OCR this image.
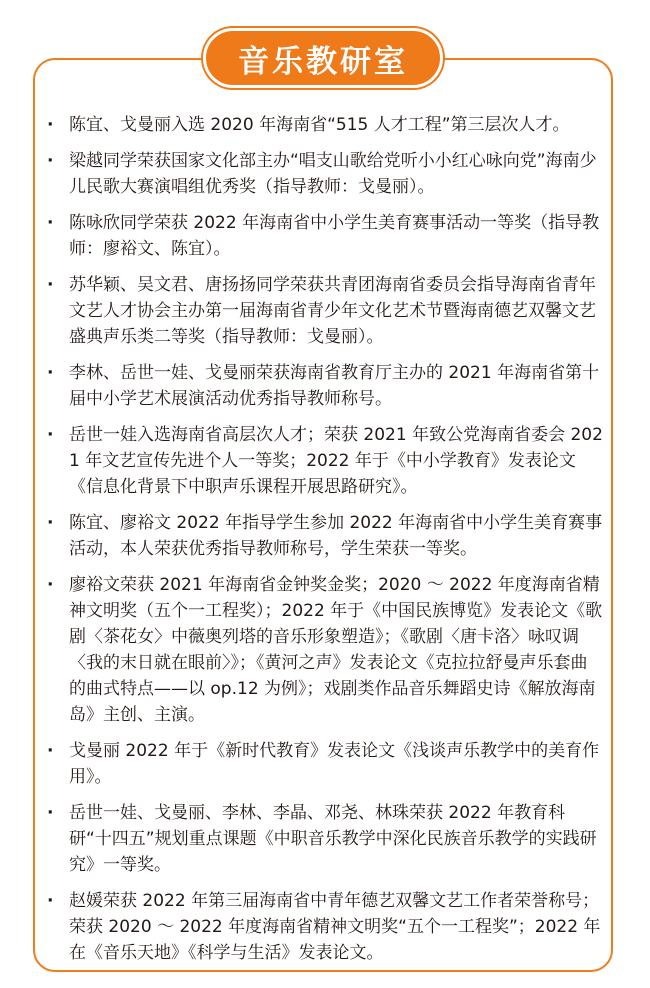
音乐教研室
· 陈宜、戈曼丽入选 2020 年海南省“515 人才工程”第三层次人才。
· 梁越同学荣获国家文化部主办“唱支山歌给党听小小红心咏向党”海南少儿民歌大赛演唱组优秀奖（指导教师：戈曼丽）。
· 陈咏欣同学荣获 2022 年海南省中小学生美育赛事活动一等奖（指导教师：廖裕文、陈宜）。
· 苏华颖、吴文君、唐扬扬同学荣获共青团海南省委员会指导海南省青年文艺人才协会主办第一届海南省青少年文化艺术节暨海南德艺双馨文艺盛典声乐类二等奖（指导教师：戈曼丽）。
· 李林、岳世一娃、戈曼丽荣获海南省教育厅主办的 2021 年海南省第十届中小学艺术展演活动优秀指导教师称号。
· 岳世一娃入选海南省高层次人才；荣获 2021 年致公党海南省委会 2021 年文艺宣传先进个人一等奖；2022 年于《中小学教育》发表论文《信息化背景下中职声乐课程开展思路研究》。
· 陈宜、廖裕文 2022 年指导学生参加 2022 年海南省中小学生美育赛事活动，本人荣获优秀指导教师称号，学生荣获一等奖。
· 廖裕文荣获 2021 年海南省金钟奖金奖；2020 ～ 2022 年度海南省精神文明奖（五个一工程奖）；2022 年于《中国民族博览》发表论文《歌剧〈茶花女〉中薇奥列塔的音乐形象塑造》；《歌剧〈唐卡洛〉咏叹调〈我的末日就在眼前〉》；《黄河之声》发表论文《克拉拉舒曼声乐套曲的曲式特点——以 op.12 为例》；戏剧类作品音乐舞蹈史诗《解放海南岛》主创、主演。
· 戈曼丽 2022 年于《新时代教育》发表论文《浅谈声乐教学中的美育作用》。
· 岳世一娃、戈曼丽、李林、李晶、邓尧、林珠荣获 2022 年教育科研“十四五”规划重点课题《中职音乐教学中深化民族音乐教学的实践研究》一等奖。
· 赵媛荣获 2022 年第三届海南省中青年德艺双馨文艺工作者荣誉称号；荣获 2020 ～ 2022 年度海南省精神文明奖“五个一工程奖”；2022 年在《音乐天地》《科学与生活》发表论文。
